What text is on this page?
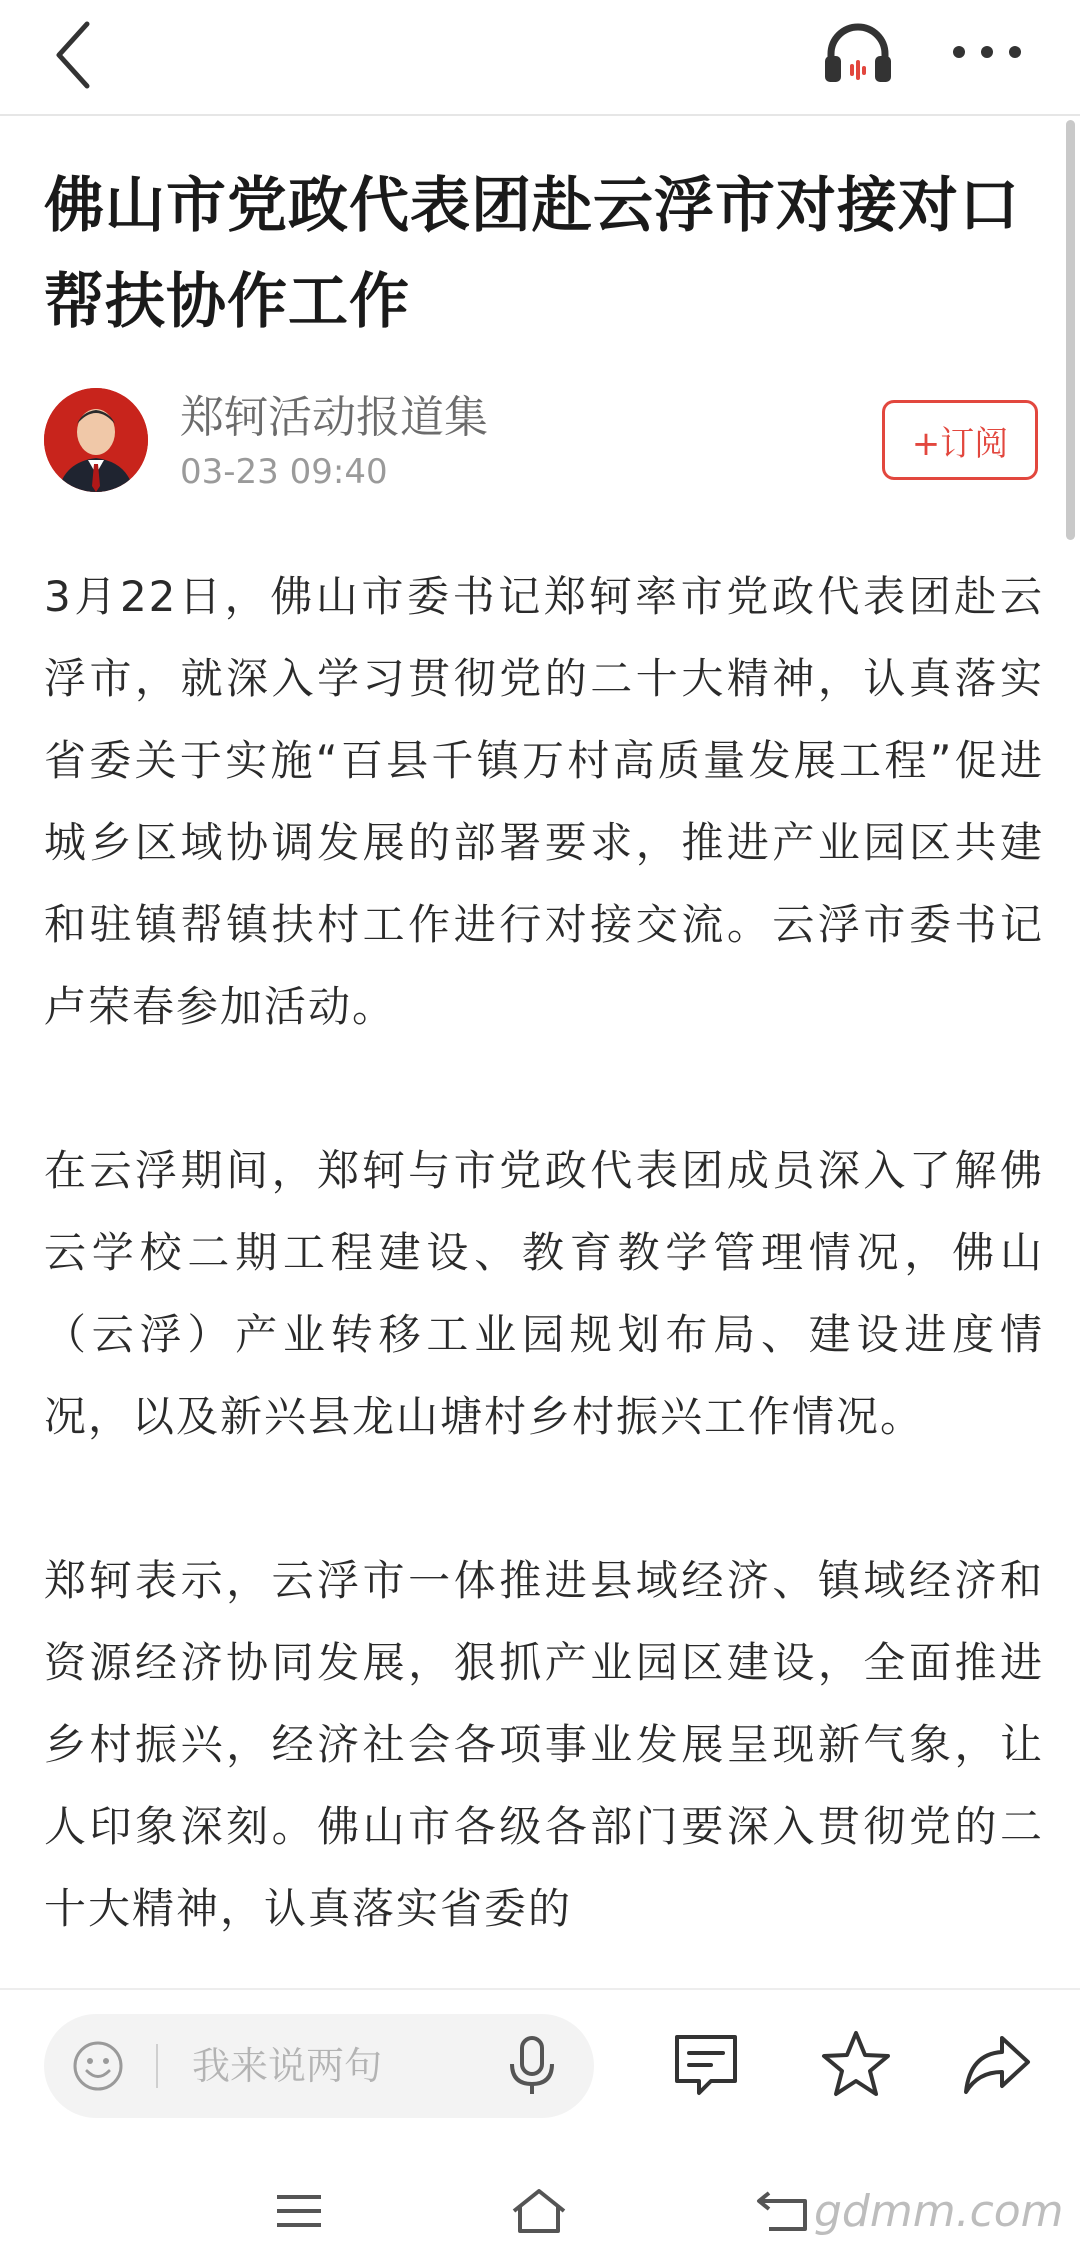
佛山市党政代表团赴云浮市对接对口帮扶协作工作
郑轲活动报道集
03-23 09:40
+订阅

3月22日，佛山市委书记郑轲率市党政代表团赴云浮市，就深入学习贯彻党的二十大精神，认真落实省委关于实施“百县千镇万村高质量发展工程”促进城乡区域协调发展的部署要求，推进产业园区共建和驻镇帮镇扶村工作进行对接交流。云浮市委书记卢荣春参加活动。

在云浮期间，郑轲与市党政代表团成员深入了解佛云学校二期工程建设、教育教学管理情况，佛山（云浮）产业转移工业园规划布局、建设进度情况，以及新兴县龙山塘村乡村振兴工作情况。

郑轲表示，云浮市一体推进县域经济、镇域经济和资源经济协同发展，狠抓产业园区建设，全面推进乡村振兴，经济社会各项事业发展呈现新气象，让人印象深刻。佛山市各级各部门要深入贯彻党的二十大精神，认真落实省委的

我来说两句
gdmm.com
